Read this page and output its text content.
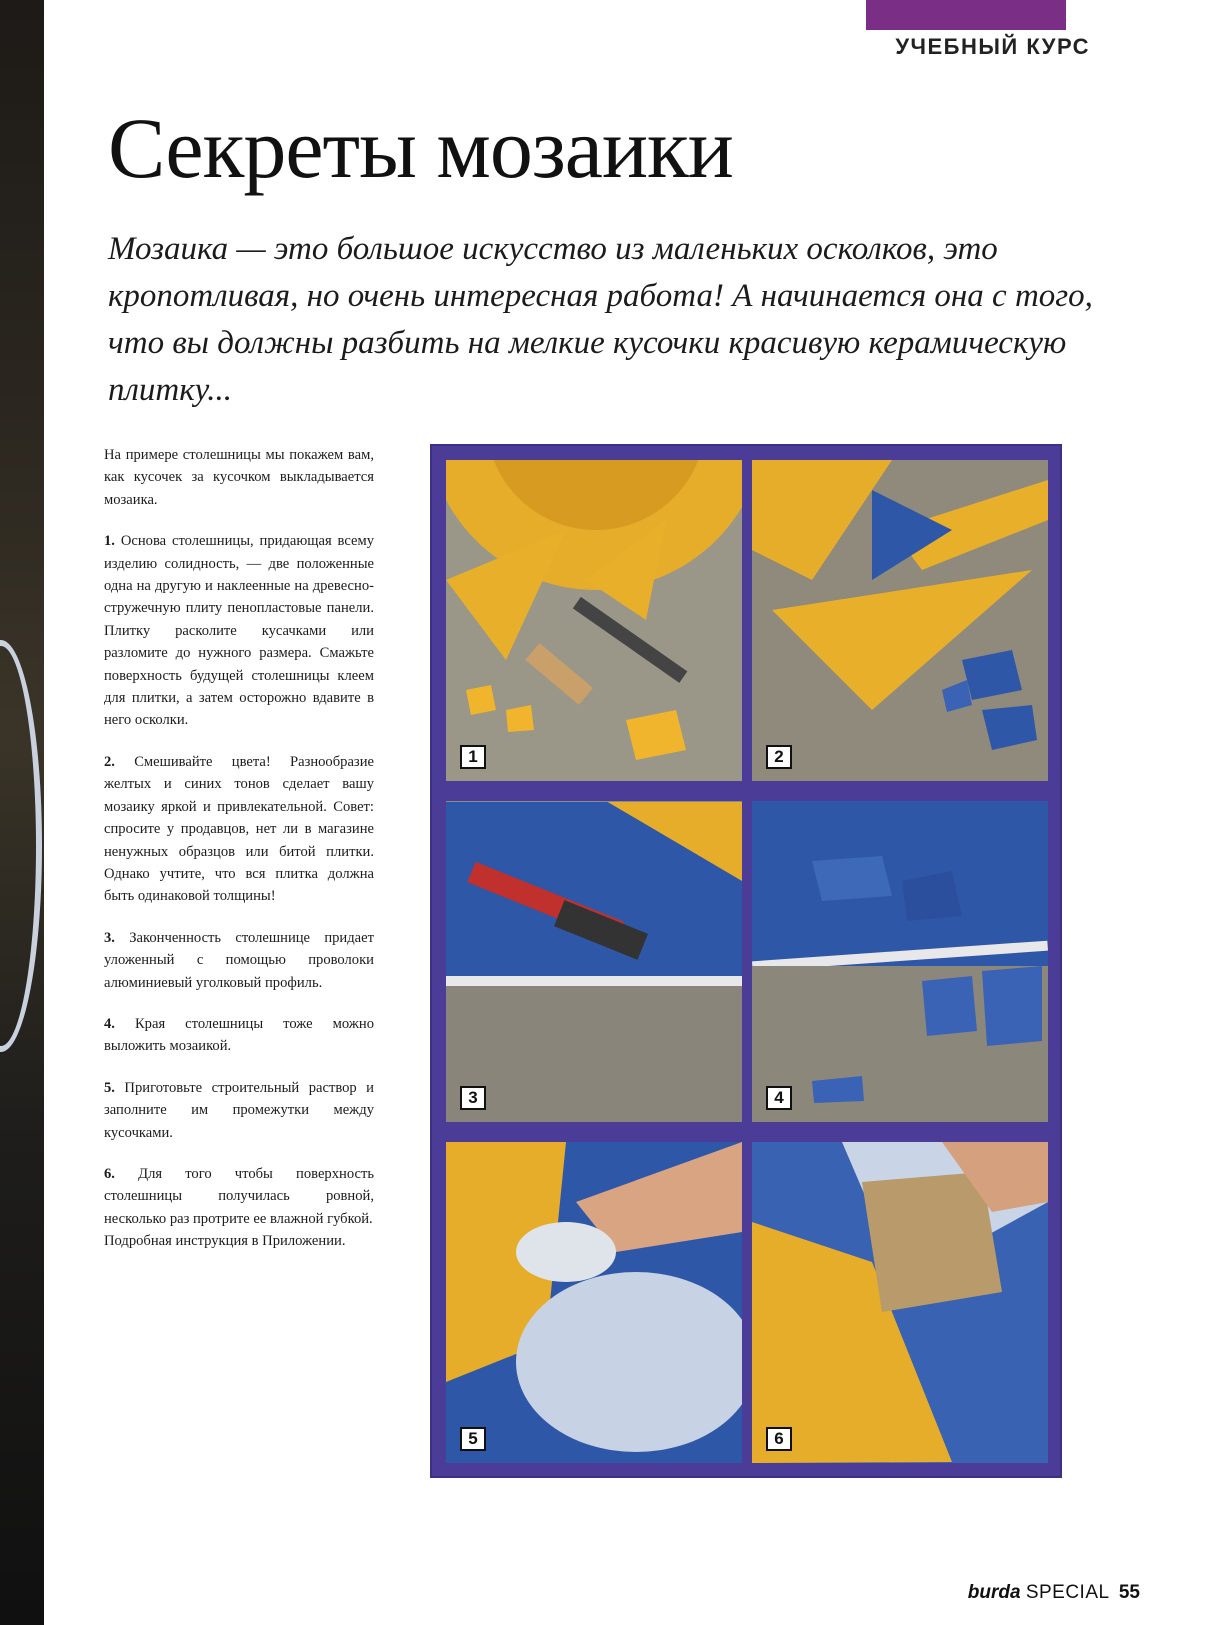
УЧЕБНЫЙ КУРС
Секреты мозаики

Мозаика — это большое искусство из маленьких осколков, это кропотливая, но очень интересная работа! А начинается она с того, что вы должны разбить на мелкие кусочки красивую керамическую плитку...

На примере столешницы мы покажем вам, как кусочек за кусочком выкладывается мозаика.

1. Основа столешницы, придающая всему изделию солидность, — две положенные одна на другую и наклеенные на древесно-стружечную плиту пенопластовые панели. Плитку расколите кусачками или разломите до нужного размера. Смажьте поверхность будущей столешницы клеем для плитки, а затем осторожно вдавите в него осколки.

2. Смешивайте цвета! Разнообразие желтых и синих тонов сделает вашу мозаику яркой и привлекательной. Совет: спросите у продавцов, нет ли в магазине ненужных образцов или битой плитки. Однако учтите, что вся плитка должна быть одинаковой толщины!

3. Законченность столешнице придает уложенный с помощью проволоки алюминиевый уголковый профиль.

4. Края столешницы тоже можно выложить мозаикой.

5. Приготовьте строительный раствор и заполните им промежутки между кусочками.

6. Для того чтобы поверхность столешницы получилась ровной, несколько раз протрите ее влажной губкой.

Подробная инструкция в Приложении.

1	2
3	4
5	6
burda SPECIAL 55
